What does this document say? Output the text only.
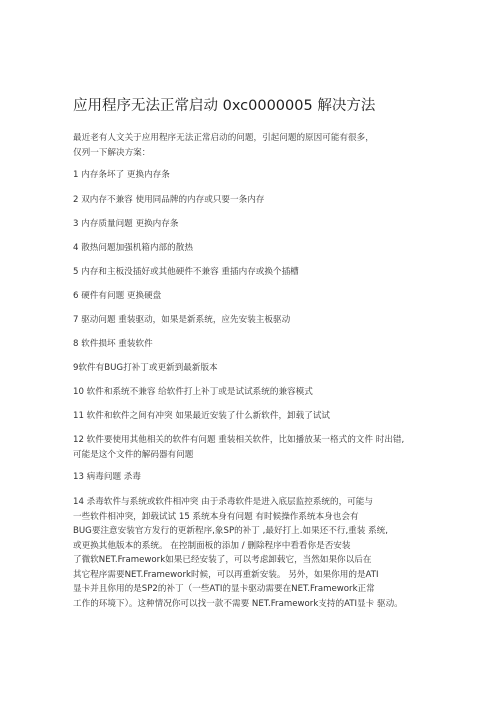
应用程序无法正常启动 0xc0000005 解决方法
最近老有人文关于应用程序无法正常启动的问题，引起问题的原因可能有很多，
仅列一下解决方案：
1 内存条坏了 更换内存条
2 双内存不兼容 使用同品牌的内存或只要一条内存
3 内存质量问题 更换内存条
4 散热问题加强机箱内部的散热
5 内存和主板没插好或其他硬件不兼容 重插内存或换个插槽
6 硬件有问题 更换硬盘
7 驱动问题 重装驱动，如果是新系统，应先安装主板驱动
8 软件损坏 重装软件
9软件有BUG打补丁或更新到最新版本
10 软件和系统不兼容 给软件打上补丁或是试试系统的兼容模式
11 软件和软件之间有冲突 如果最近安装了什么新软件，卸载了试试
12 软件要使用其他相关的软件有问题 重装相关软件，比如播放某一格式的文件 时出错,
可能是这个文件的解码器有问题
13 病毒问题 杀毒
14 杀毒软件与系统或软件相冲突 由于杀毒软件是进入底层监控系统的，可能与
一些软件相冲突，卸载试试 15 系统本身有问题 有时候操作系统本身也会有
BUG要注意安装官方发行的更新程序,象SP的补丁 ,最好打上.如果还不行,重装 系统,
或更换其他版本的系统。 在控制面板的添加 / 删除程序中看看你是否安装
了微软NET.Framework如果已经安装了，可以考虑卸载它，当然如果你以后在
其它程序需要NET.Framework时候，可以再重新安装。 另外，如果你用的是ATI
显卡并且你用的是SP2的补丁（一些ATI的显卡驱动需要在NET.Framework正常
工作的环境下）。这种情况你可以找一款不需要 NET.Framework支持的ATI显卡 驱动。
